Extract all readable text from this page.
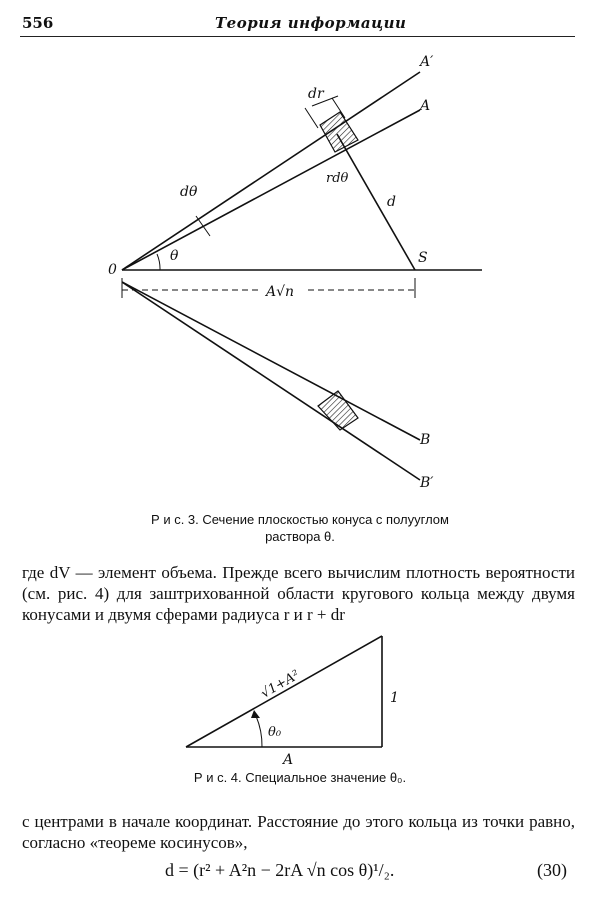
556	Теория информации
0
A′
A
B
B′
S
d
dr
rdθ
dθ
θ
A√n
Р и с. 3. Сечение плоскостью конуса с полууглом
раствора θ.
где dV — элемент объема. Прежде всего вычислим плотность вероятности (см. рис. 4) для заштрихованной области кругового кольца между двумя конусами и двумя сферами радиуса r и r + dr
√1+A²	1
A
θ₀
Р и с. 4. Специальное значение θ₀.
с центрами в начале координат. Расстояние до этого кольца из точки равно, согласно «теореме косинусов»,
d = (r² + A²n − 2rA √n cos θ)¹/₂.	(30)
